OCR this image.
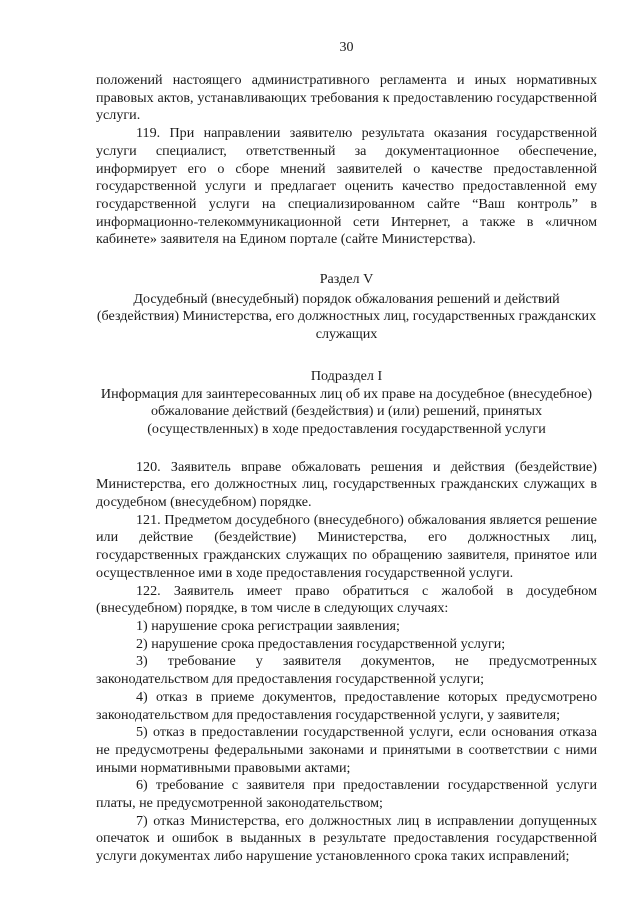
30

положений настоящего административного регламента и иных нормативных правовых актов, устанавливающих требования к предоставлению государственной услуги.

119. При направлении заявителю результата оказания государственной услуги специалист, ответственный за документационное обеспечение, информирует его о сборе мнений заявителей о качестве предоставленной государственной услуги и предлагает оценить качество предоставленной ему государственной услуги на специализированном сайте “Ваш контроль” в информационно-телекоммуникационной сети Интернет, а также в «личном кабинете» заявителя на Едином портале (сайте Министерства).

Раздел V
Досудебный (внесудебный) порядок обжалования решений и действий (бездействия) Министерства, его должностных лиц, государственных гражданских служащих
Подраздел I
Информация для заинтересованных лиц об их праве на досудебное (внесудебное) обжалование действий (бездействия) и (или) решений, принятых (осуществленных) в ходе предоставления государственной услуги

120. Заявитель вправе обжаловать решения и действия (бездействие) Министерства, его должностных лиц, государственных гражданских служащих в досудебном (внесудебном) порядке.

121. Предметом досудебного (внесудебного) обжалования является решение или действие (бездействие) Министерства, его должностных лиц, государственных гражданских служащих по обращению заявителя, принятое или осуществленное ими в ходе предоставления государственной услуги.

122. Заявитель имеет право обратиться с жалобой в досудебном (внесудебном) порядке, в том числе в следующих случаях:

1) нарушение срока регистрации заявления;

2) нарушение срока предоставления государственной услуги;

3) требование у заявителя документов, не предусмотренных законодательством для предоставления государственной услуги;

4) отказ в приеме документов, предоставление которых предусмотрено законодательством для предоставления государственной услуги, у заявителя;

5) отказ в предоставлении государственной услуги, если основания отказа не предусмотрены федеральными законами и принятыми в соответствии с ними иными нормативными правовыми актами;

6) требование с заявителя при предоставлении государственной услуги платы, не предусмотренной законодательством;

7) отказ Министерства, его должностных лиц в исправлении допущенных опечаток и ошибок в выданных в результате предоставления государственной услуги документах либо нарушение установленного срока таких исправлений;
